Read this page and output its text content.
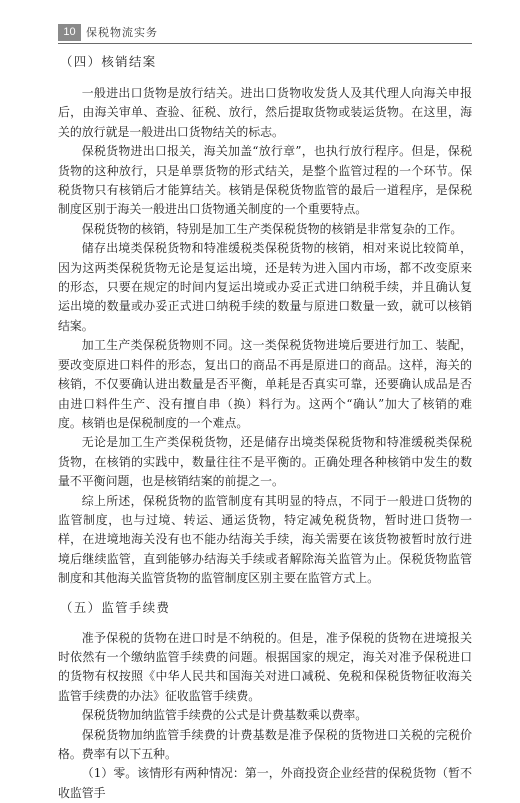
10 保税物流实务
（四）核销结案

一般进出口货物是放行结关。进出口货物收发货人及其代理人向海关申报后，由海关审单、查验、征税、放行，然后提取货物或装运货物。在这里，海关的放行就是一般进出口货物结关的标志。

保税货物进出口报关，海关加盖“放行章”，也执行放行程序。但是，保税货物的这种放行，只是单票货物的形式结关，是整个监管过程的一个环节。保税货物只有核销后才能算结关。核销是保税货物监管的最后一道程序，是保税制度区别于海关一般进出口货物通关制度的一个重要特点。

保税货物的核销，特别是加工生产类保税货物的核销是非常复杂的工作。

储存出境类保税货物和特准缓税类保税货物的核销，相对来说比较简单，因为这两类保税货物无论是复运出境，还是转为进入国内市场，都不改变原来的形态，只要在规定的时间内复运出境或办妥正式进口纳税手续，并且确认复运出境的数量或办妥正式进口纳税手续的数量与原进口数量一致，就可以核销结案。

加工生产类保税货物则不同。这一类保税货物进境后要进行加工、装配，要改变原进口料件的形态，复出口的商品不再是原进口的商品。这样，海关的核销，不仅要确认进出数量是否平衡，单耗是否真实可靠，还要确认成品是否由进口料件生产、没有擅自串（换）料行为。这两个“确认”加大了核销的难度。核销也是保税制度的一个难点。

无论是加工生产类保税货物，还是储存出境类保税货物和特准缓税类保税货物，在核销的实践中，数量往往不是平衡的。正确处理各种核销中发生的数量不平衡问题，也是核销结案的前提之一。

综上所述，保税货物的监管制度有其明显的特点，不同于一般进口货物的监管制度，也与过境、转运、通运货物，特定减免税货物，暂时进口货物一样，在进境地海关没有也不能办结海关手续，海关需要在该货物被暂时放行进境后继续监管，直到能够办结海关手续或者解除海关监管为止。保税货物监管制度和其他海关监管货物的监管制度区别主要在监管方式上。

（五）监管手续费

准予保税的货物在进口时是不纳税的。但是，准予保税的货物在进境报关时依然有一个缴纳监管手续费的问题。根据国家的规定，海关对准予保税进口的货物有权按照《中华人民共和国海关对进口减税、免税和保税货物征收海关监管手续费的办法》征收监管手续费。

保税货物加纳监管手续费的公式是计费基数乘以费率。

保税货物加纳监管手续费的计费基数是准予保税的货物进口关税的完税价格。费率有以下五种。

（1）零。该情形有两种情况：第一，外商投资企业经营的保税货物（暂不收监管手
